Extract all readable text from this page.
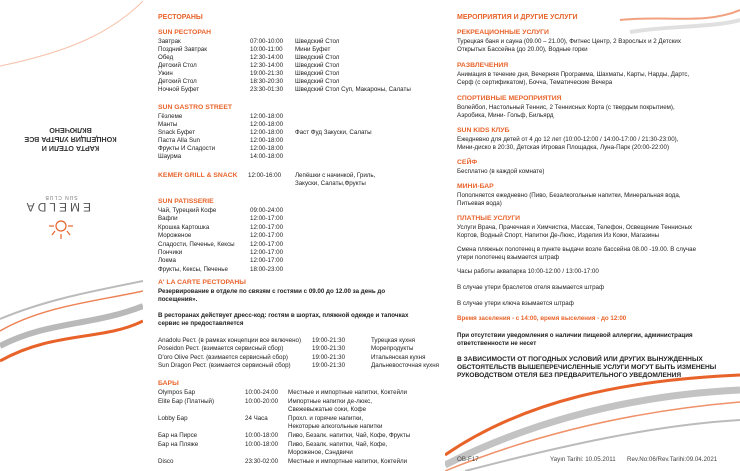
EMELDA
SUN CLUB
КАРТА ОТЕЛИ И
КОНЦЕПЦИЯ УЛЬТРА ВСЕ ВКЛЮЧЕНО
РЕСТОРАНЫ
SUN РЕСТОРАН
Завтрак	07:00-10:00 Шведский Стол
Поздний Завтрак	10:00-11:00 Мини Буфет
Обед	12:30-14:00 Шведский Стол
Детский Стол	12:30-14:00 Шведский Стол
Ужин	19:00-21:30 Шведский Стол
Детский Стол	18:30-20:30 Шведский Стол
Ночной Буфет	23:30-01:30 Шведский Стол Суп, Макароны, Салаты
SUN GASTRO STREET
Гёзлеме	12:00-18:00
Манты	12:00-18:00
Snack Буфет	12:00-18:00 Фаст Фуд Закуски, Салаты
Паста Alla Sun	12:00-18:00
Фрукты И Сладости	12:00-18:00
Шаурма	14:00-18:00
KEMER GRILL & SNACK 12:00-16:00 Лепёшки с начинкой, Гриль,
Закуски, Салаты,Фрукты
SUN PATISSERIE
Чай, Турецкий Кофе	09:00-24:00
Вафли	12:00-17:00
Крошка Картошка	12:00-17:00
Мороженое	12:00-17:00
Сладости, Печенье, Кексы 12:00-17:00
Пончики	12:00-17:00
Локма	12:00-17:00
Фрукты, Кексы, Печенье	18:00-23:00
A' LA CARTE РЕСТОРАНЫ
Резервирование в отделе по связям с гостями с 09.00 до 12.00 за день до
посещения».
В ресторанах действует дресс-код: гостям в шортах, пляжной одежде и тапочках
сервис не предоставляется
Anadolu Рест. (в рамках концепции все включено) 19:00-21:30	Турецкая кухня
Poseidon Рест. (взимается сервисный сбор)	19:00-21:30	Морепродукты
D'oro Olive Рест. (взимается сервисный сбор)	19:00-21:30	Итальянская кухня
Sun Dragon Рест. (взимается сервисный сбор)	19:00-21:30	Дальневосточная кухня
БАРЫ
Olympos Бар	10:00-24:00 Местные и импортные напитки, Коктейли
Elite Бар (Платный)	10:00-20:00 Импортные напитки де-люкс,
Свежевыжатые соки, Кофе
Lobby Бар	24 Часа	Прохл. и горячие напитки,
Некоторые алкогольные напитки
Бар на Пирсе	10:00-18:00 Пиво, Безалк. напитки, Чай, Кофе, Фрукты
Бар на Пляже	10:00-18:00 Пиво, Безалк. напитки, Чай, Кофе,
Мороженое, Сэндвичи
Disco	23:30-02:00 Местные и импортные напитки, Коктейли
МЕРОПРИЯТИЯ И ДРУГИЕ УСЛУГИ
РЕКРЕАЦИОННЫЕ УСЛУГИ
Турецкая баня и сауна (09.00 – 21.00), Фитнес Центр, 2 Взрослых и 2 Детских
Открытых Бассейна (до 20.00), Водные горки
РАЗВЛЕЧЕНИЯ
Анимация в течение дня, Вечерняя Программа, Шахматы, Карты, Нарды, Дартс,
Серф (с сертификатом), Бочча, Тематические Вечера
СПОРТИВНЫЕ МЕРОПРИЯТИЯ
Волейбол, Настольный Теннис, 2 Теннисных Корта (с твердым покрытием),
Аэробика, Мини- Гольф, Бильярд
SUN KIDS КЛУБ
Ежедневно для детей от 4 до 12 лет (10:00-12:00 / 14:00-17:00 / 21:30-23:00),
Мини-диско в 20:30, Детская Игровая Площадка, Луна-Парк (20:00-22:00)
СЕЙФ
Бесплатно (в каждой комнате)
МИНИ-БАР
Пополняется ежедневно (Пиво, Безалкогольные напитки, Минеральная вода,
Питьевая вода)
ПЛАТНЫЕ УСЛУГИ
Услуги Врача, Прачечная и Химчистка, Массаж, Телефон, Освещение Теннисных
Кортов, Водный Спорт, Напитки Де-Люкс, Изделия Из Кожи, Магазины
Смена пляжных полотенец в пункте выдачи возле бассейна 08.00 -19.00. В случае
утери полотенец взымается штраф
Часы работы аквапарка 10:00-12:00 / 13:00-17:00
В случае утери браслетов отеля взымается штраф
В случае утери ключа взымается штраф
Время заселения - с 14:00, время выселения - до 12:00
При отсутствии уведомления о наличии пищевой аллергии, администрация
ответственности не несет
В ЗАВИСИМОСТИ ОТ ПОГОДНЫХ УСЛОВИЙ ИЛИ ДРУГИХ ВЫНУЖДЕННЫХ
ОБСТОЯТЕЛЬСТВ ВЫШЕПЕРЕЧИСЛЕННЫЕ УСЛУГИ МОГУТ БЫТЬ ИЗМЕНЕНЫ
РУКОВОДСТВОМ ОТЕЛЯ БЕЗ ПРЕДВАРИТЕЛЬНОГО УВЕДОМЛЕНИЯ
OB-F17	Yayın Tarihi: 10.05.2011 Rev.No:06/Rev.Tarihi:09.04.2021
